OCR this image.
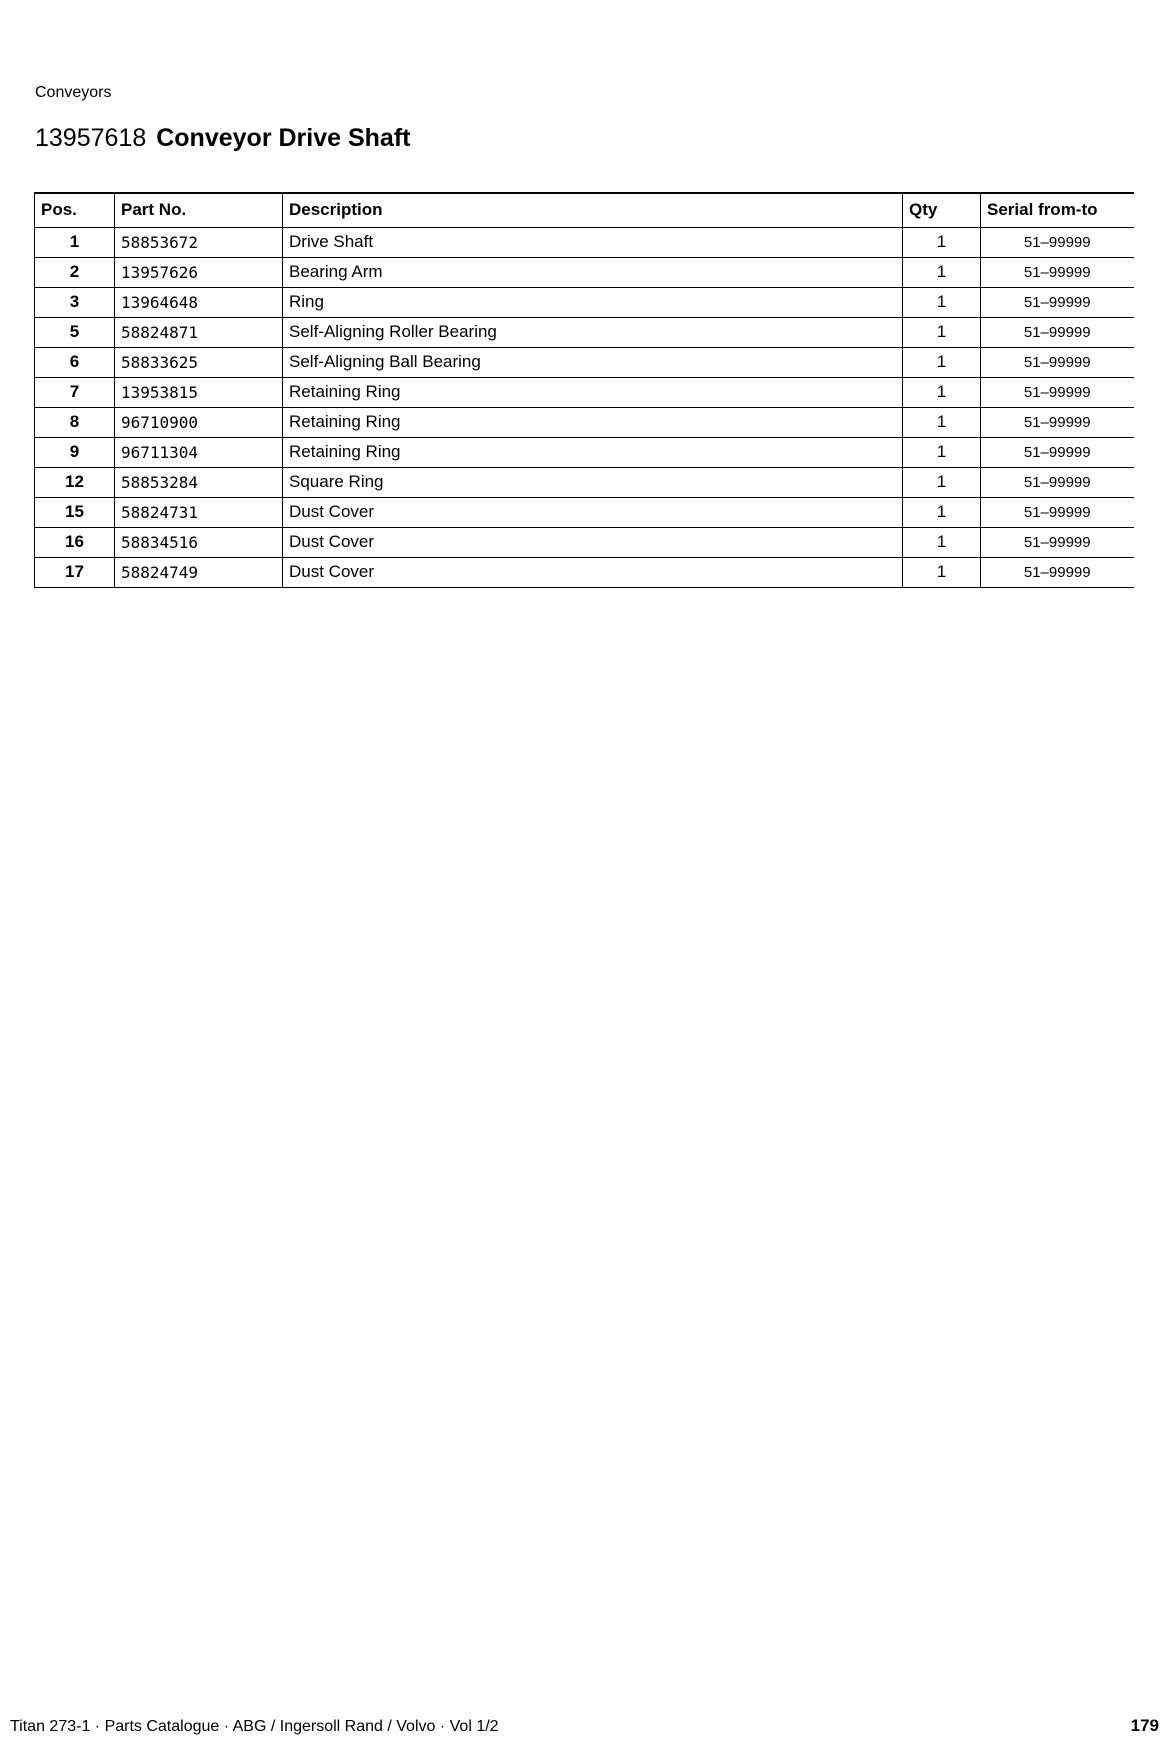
Conveyors
13957618 Conveyor Drive Shaft
Pos.	Part No.	Description	Qty	Serial from-to
1	58853672	Drive Shaft	1	51–99999
2	13957626	Bearing Arm	1	51–99999
3	13964648	Ring	1	51–99999
5	58824871	Self-Aligning Roller Bearing	1	51–99999
6	58833625	Self-Aligning Ball Bearing	1	51–99999
7	13953815	Retaining Ring	1	51–99999
8	96710900	Retaining Ring	1	51–99999
9	96711304	Retaining Ring	1	51–99999
12	58853284	Square Ring	1	51–99999
15	58824731	Dust Cover	1	51–99999
16	58834516	Dust Cover	1	51–99999
17	58824749	Dust Cover	1	51–99999
Titan 273-1 · Parts Catalogue · ABG / Ingersoll Rand / Volvo · Vol 1/2	179
